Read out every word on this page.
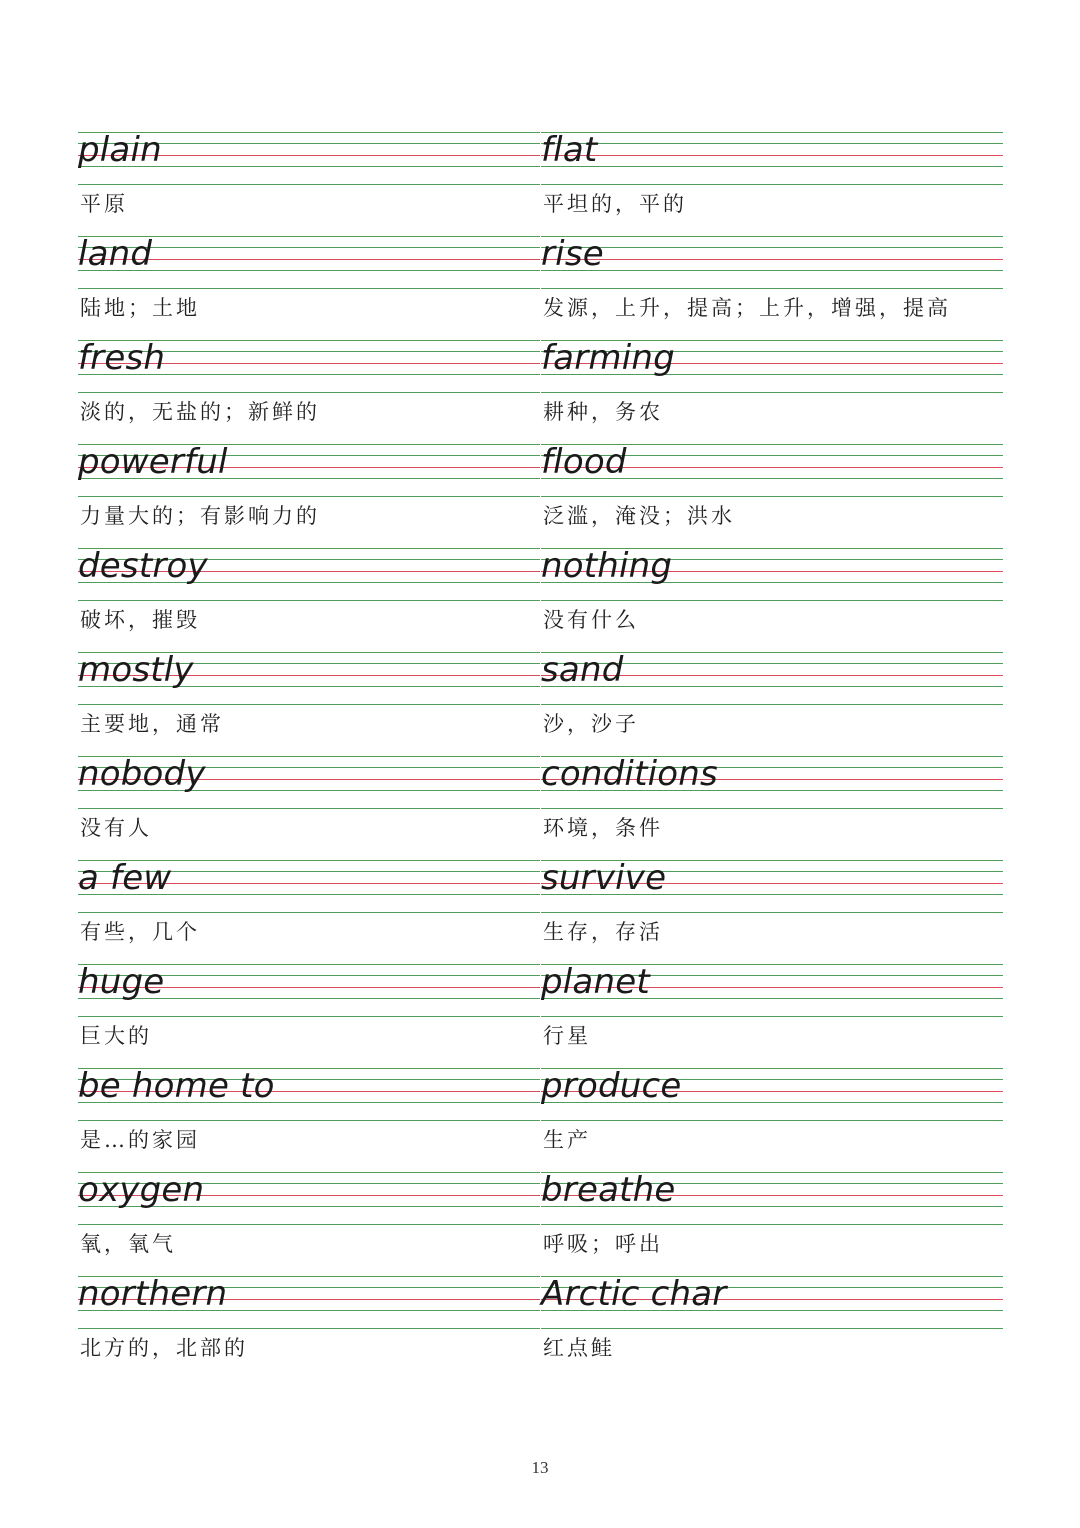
plain
平原
flat
平坦的，平的
land
陆地；土地
rise
发源，上升，提高；上升，增强，提高
fresh
淡的，无盐的；新鲜的
farming
耕种，务农
powerful
力量大的；有影响力的
flood
泛滥，淹没；洪水
destroy
破坏，摧毁
nothing
没有什么
mostly
主要地，通常
sand
沙，沙子
nobody
没有人
conditions
环境，条件
a few
有些，几个
survive
生存，存活
huge
巨大的
planet
行星
be home to
是…的家园
produce
生产
oxygen
氧，氧气
breathe
呼吸；呼出
northern
北方的，北部的
Arctic char
红点鲑
13
